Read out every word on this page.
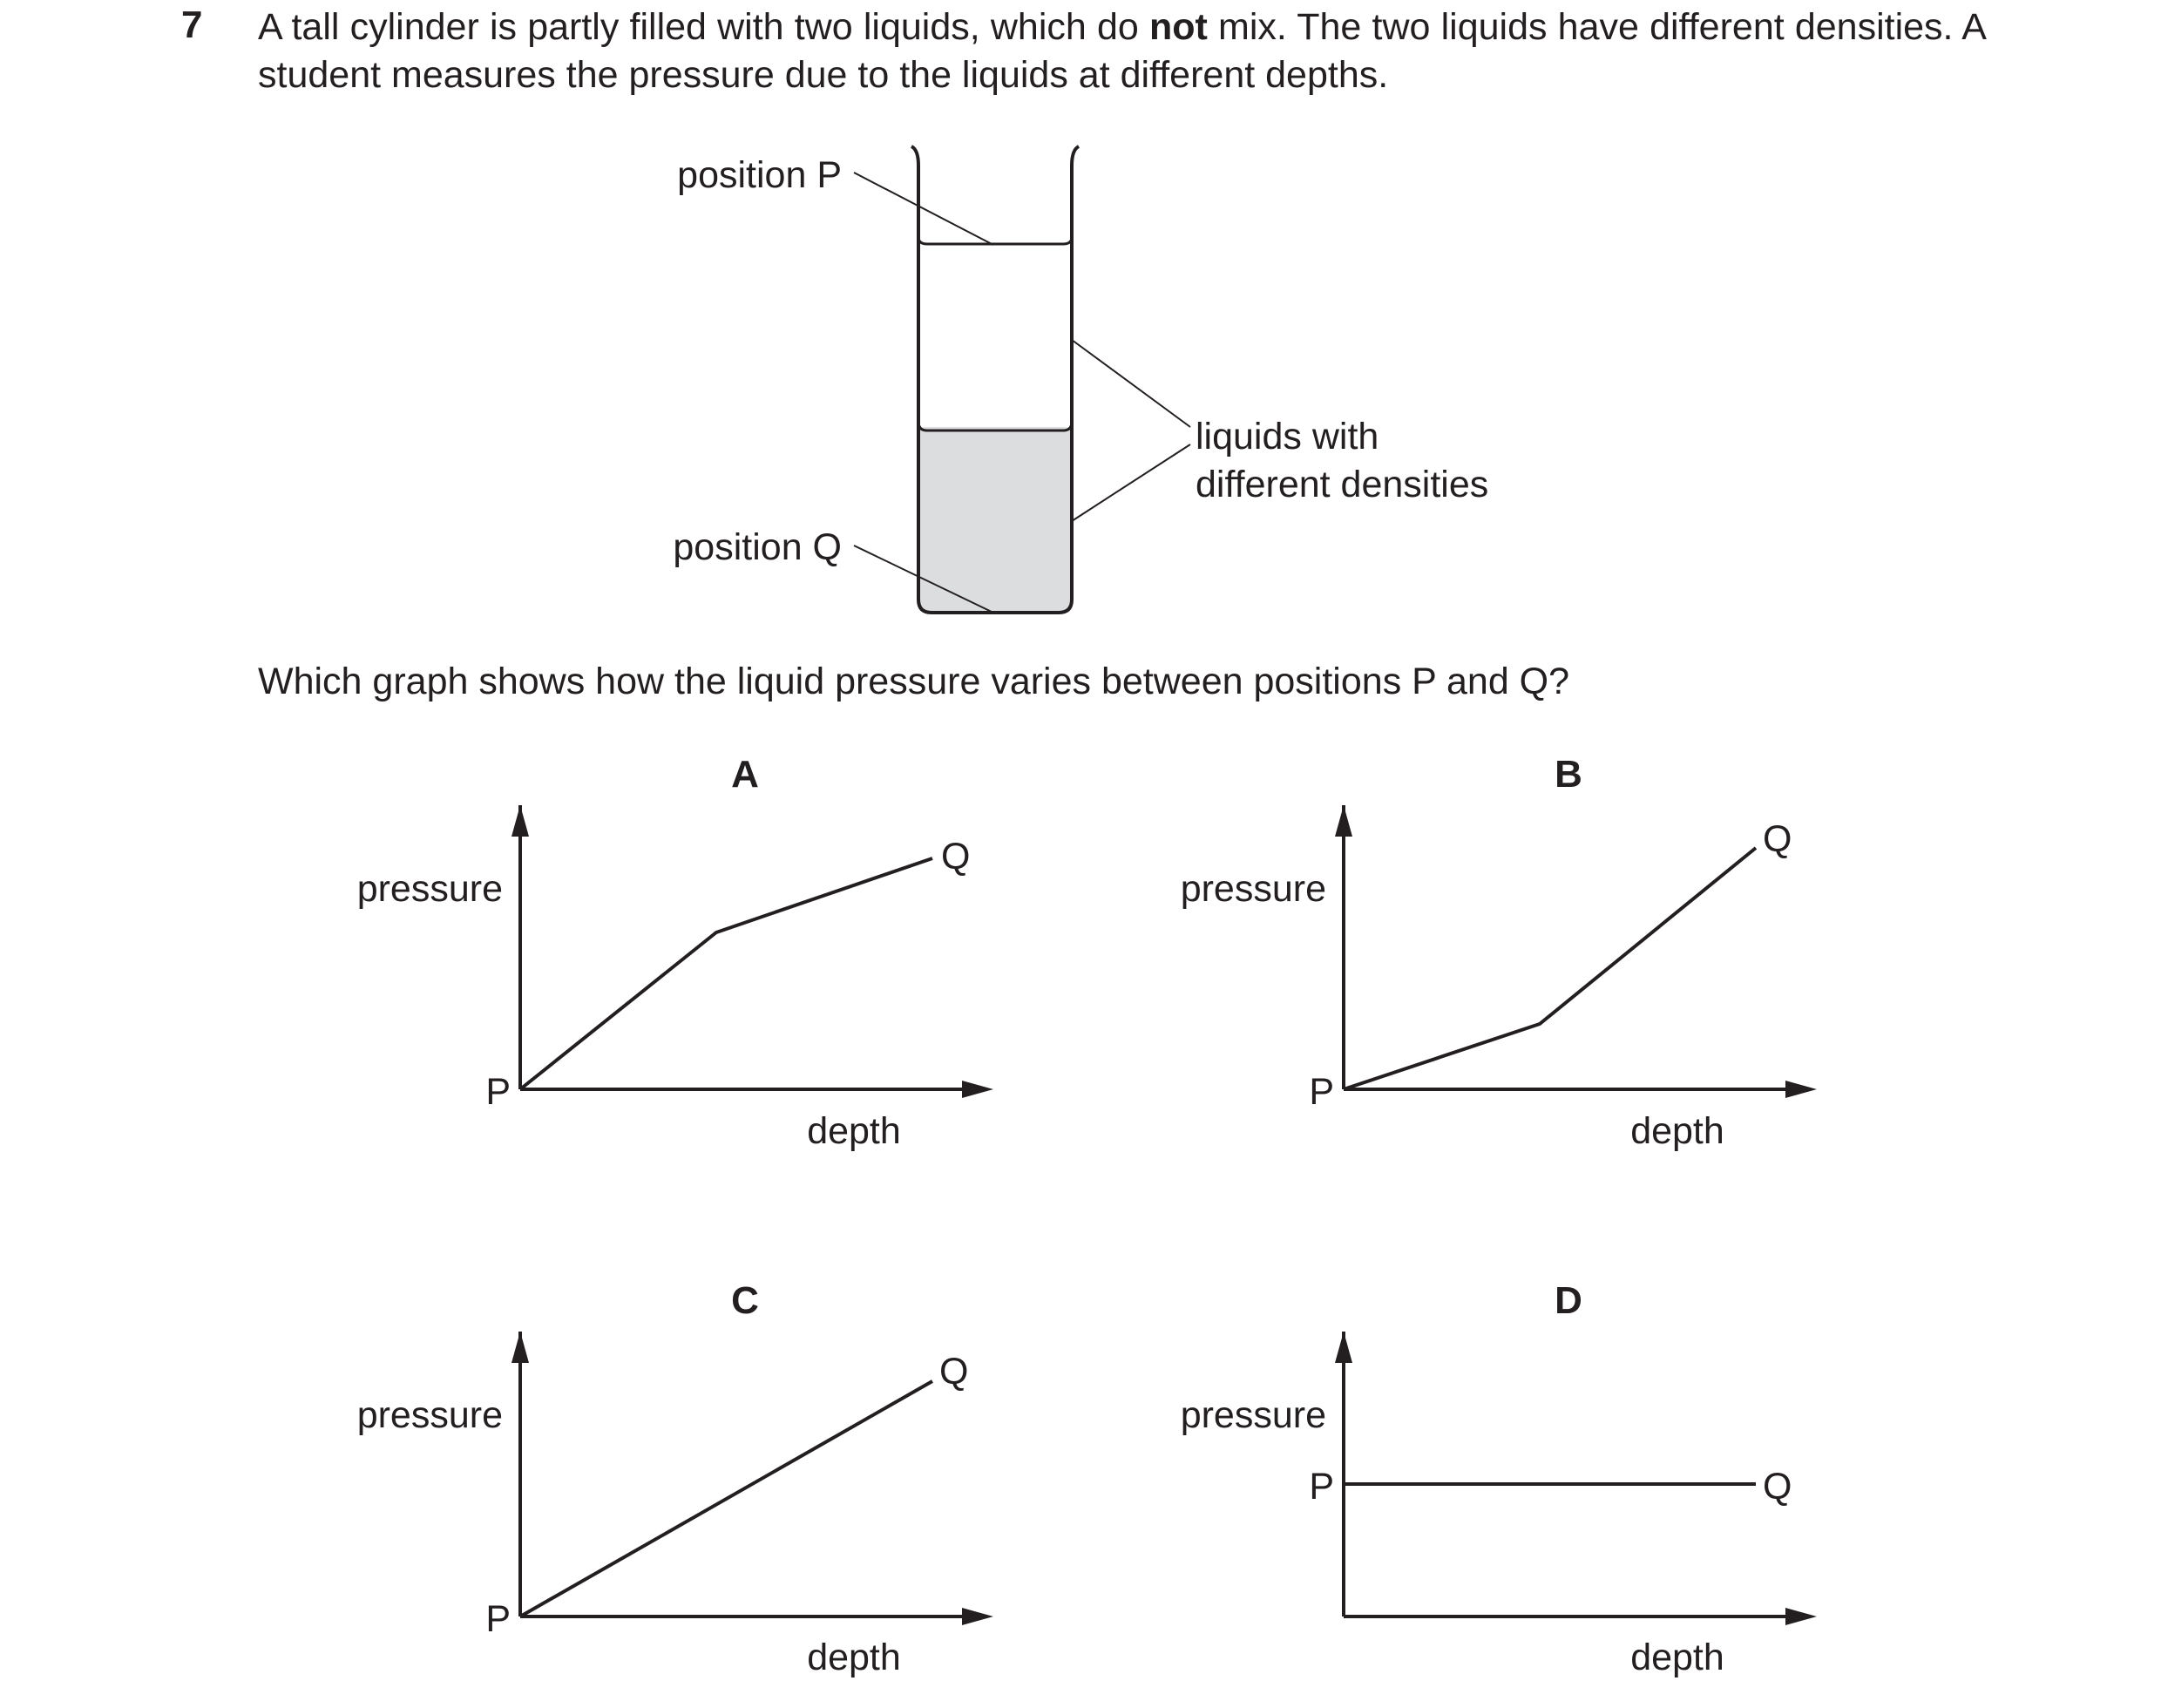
7 A tall cylinder is partly filled with two liquids, which do not mix. The two liquids have different densities. A student measures the pressure due to the liquids at different depths.
position P
position Q
liquids with
different densities
Which graph shows how the liquid pressure varies between positions P and Q?
A
pressure
depth
P
Q
B
pressure
depth
P
Q
C
pressure
depth
P
Q
D
pressure
depth
P	Q
